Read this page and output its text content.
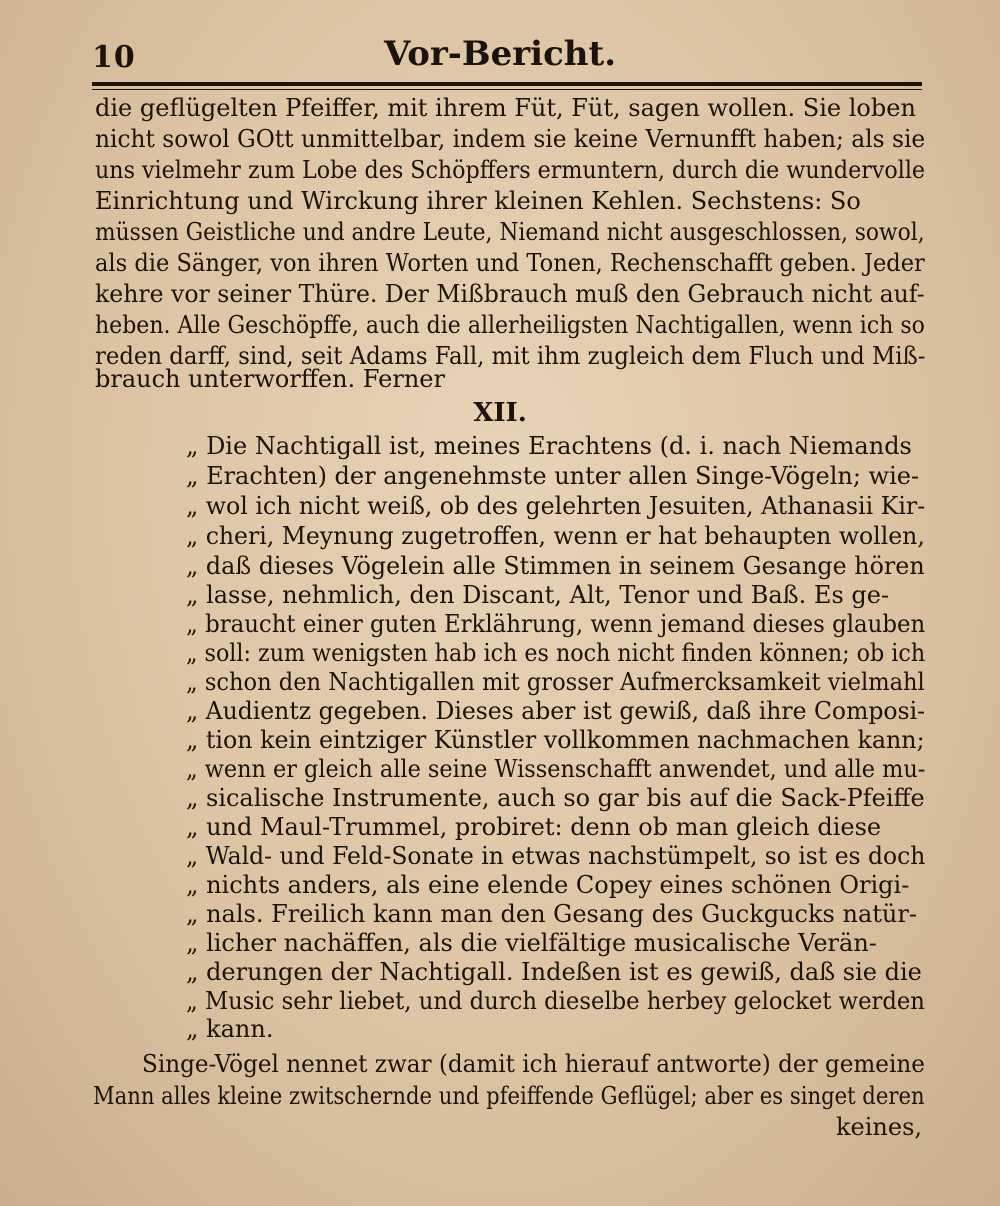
10	Vor-Bericht.
die geflügelten Pfeiffer, mit ihrem Füt, Füt, sagen wollen. Sie loben
nicht sowol GOtt unmittelbar, indem sie keine Vernunfft haben; als sie
uns vielmehr zum Lobe des Schöpffers ermuntern, durch die wundervolle
Einrichtung und Wirckung ihrer kleinen Kehlen. Sechstens: So
müssen Geistliche und andre Leute, Niemand nicht ausgeschlossen, sowol,
als die Sänger, von ihren Worten und Tonen, Rechenschafft geben. Jeder
kehre vor seiner Thüre. Der Mißbrauch muß den Gebrauch nicht auf-
heben. Alle Geschöpffe, auch die allerheiligsten Nachtigallen, wenn ich so
reden darff, sind, seit Adams Fall, mit ihm zugleich dem Fluch und Miß-
brauch unterworffen. Ferner
XII.
„ Die Nachtigall ist, meines Erachtens (d. i. nach Niemands
„ Erachten) der angenehmste unter allen Singe-Vögeln; wie-
„ wol ich nicht weiß, ob des gelehrten Jesuiten, Athanasii Kir-
„ cheri, Meynung zugetroffen, wenn er hat behaupten wollen,
„ daß dieses Vögelein alle Stimmen in seinem Gesange hören
„ lasse, nehmlich, den Discant, Alt, Tenor und Baß. Es ge-
„ braucht einer guten Erklährung, wenn jemand dieses glauben
„ soll: zum wenigsten hab ich es noch nicht finden können; ob ich
„ schon den Nachtigallen mit grosser Aufmercksamkeit vielmahl
„ Audientz gegeben. Dieses aber ist gewiß, daß ihre Composi-
„ tion kein eintziger Künstler vollkommen nachmachen kann;
„ wenn er gleich alle seine Wissenschafft anwendet, und alle mu-
„ sicalische Instrumente, auch so gar bis auf die Sack-Pfeiffe
„ und Maul-Trummel, probiret: denn ob man gleich diese
„ Wald- und Feld-Sonate in etwas nachstümpelt, so ist es doch
„ nichts anders, als eine elende Copey eines schönen Origi-
„ nals. Freilich kann man den Gesang des Guckgucks natür-
„ licher nachäffen, als die vielfältige musicalische Verän-
„ derungen der Nachtigall. Indeßen ist es gewiß, daß sie die
„ Music sehr liebet, und durch dieselbe herbey gelocket werden
„ kann.
Singe-Vögel nennet zwar (damit ich hierauf antworte) der gemeine
Mann alles kleine zwitschernde und pfeiffende Geflügel; aber es singet deren
keines,
